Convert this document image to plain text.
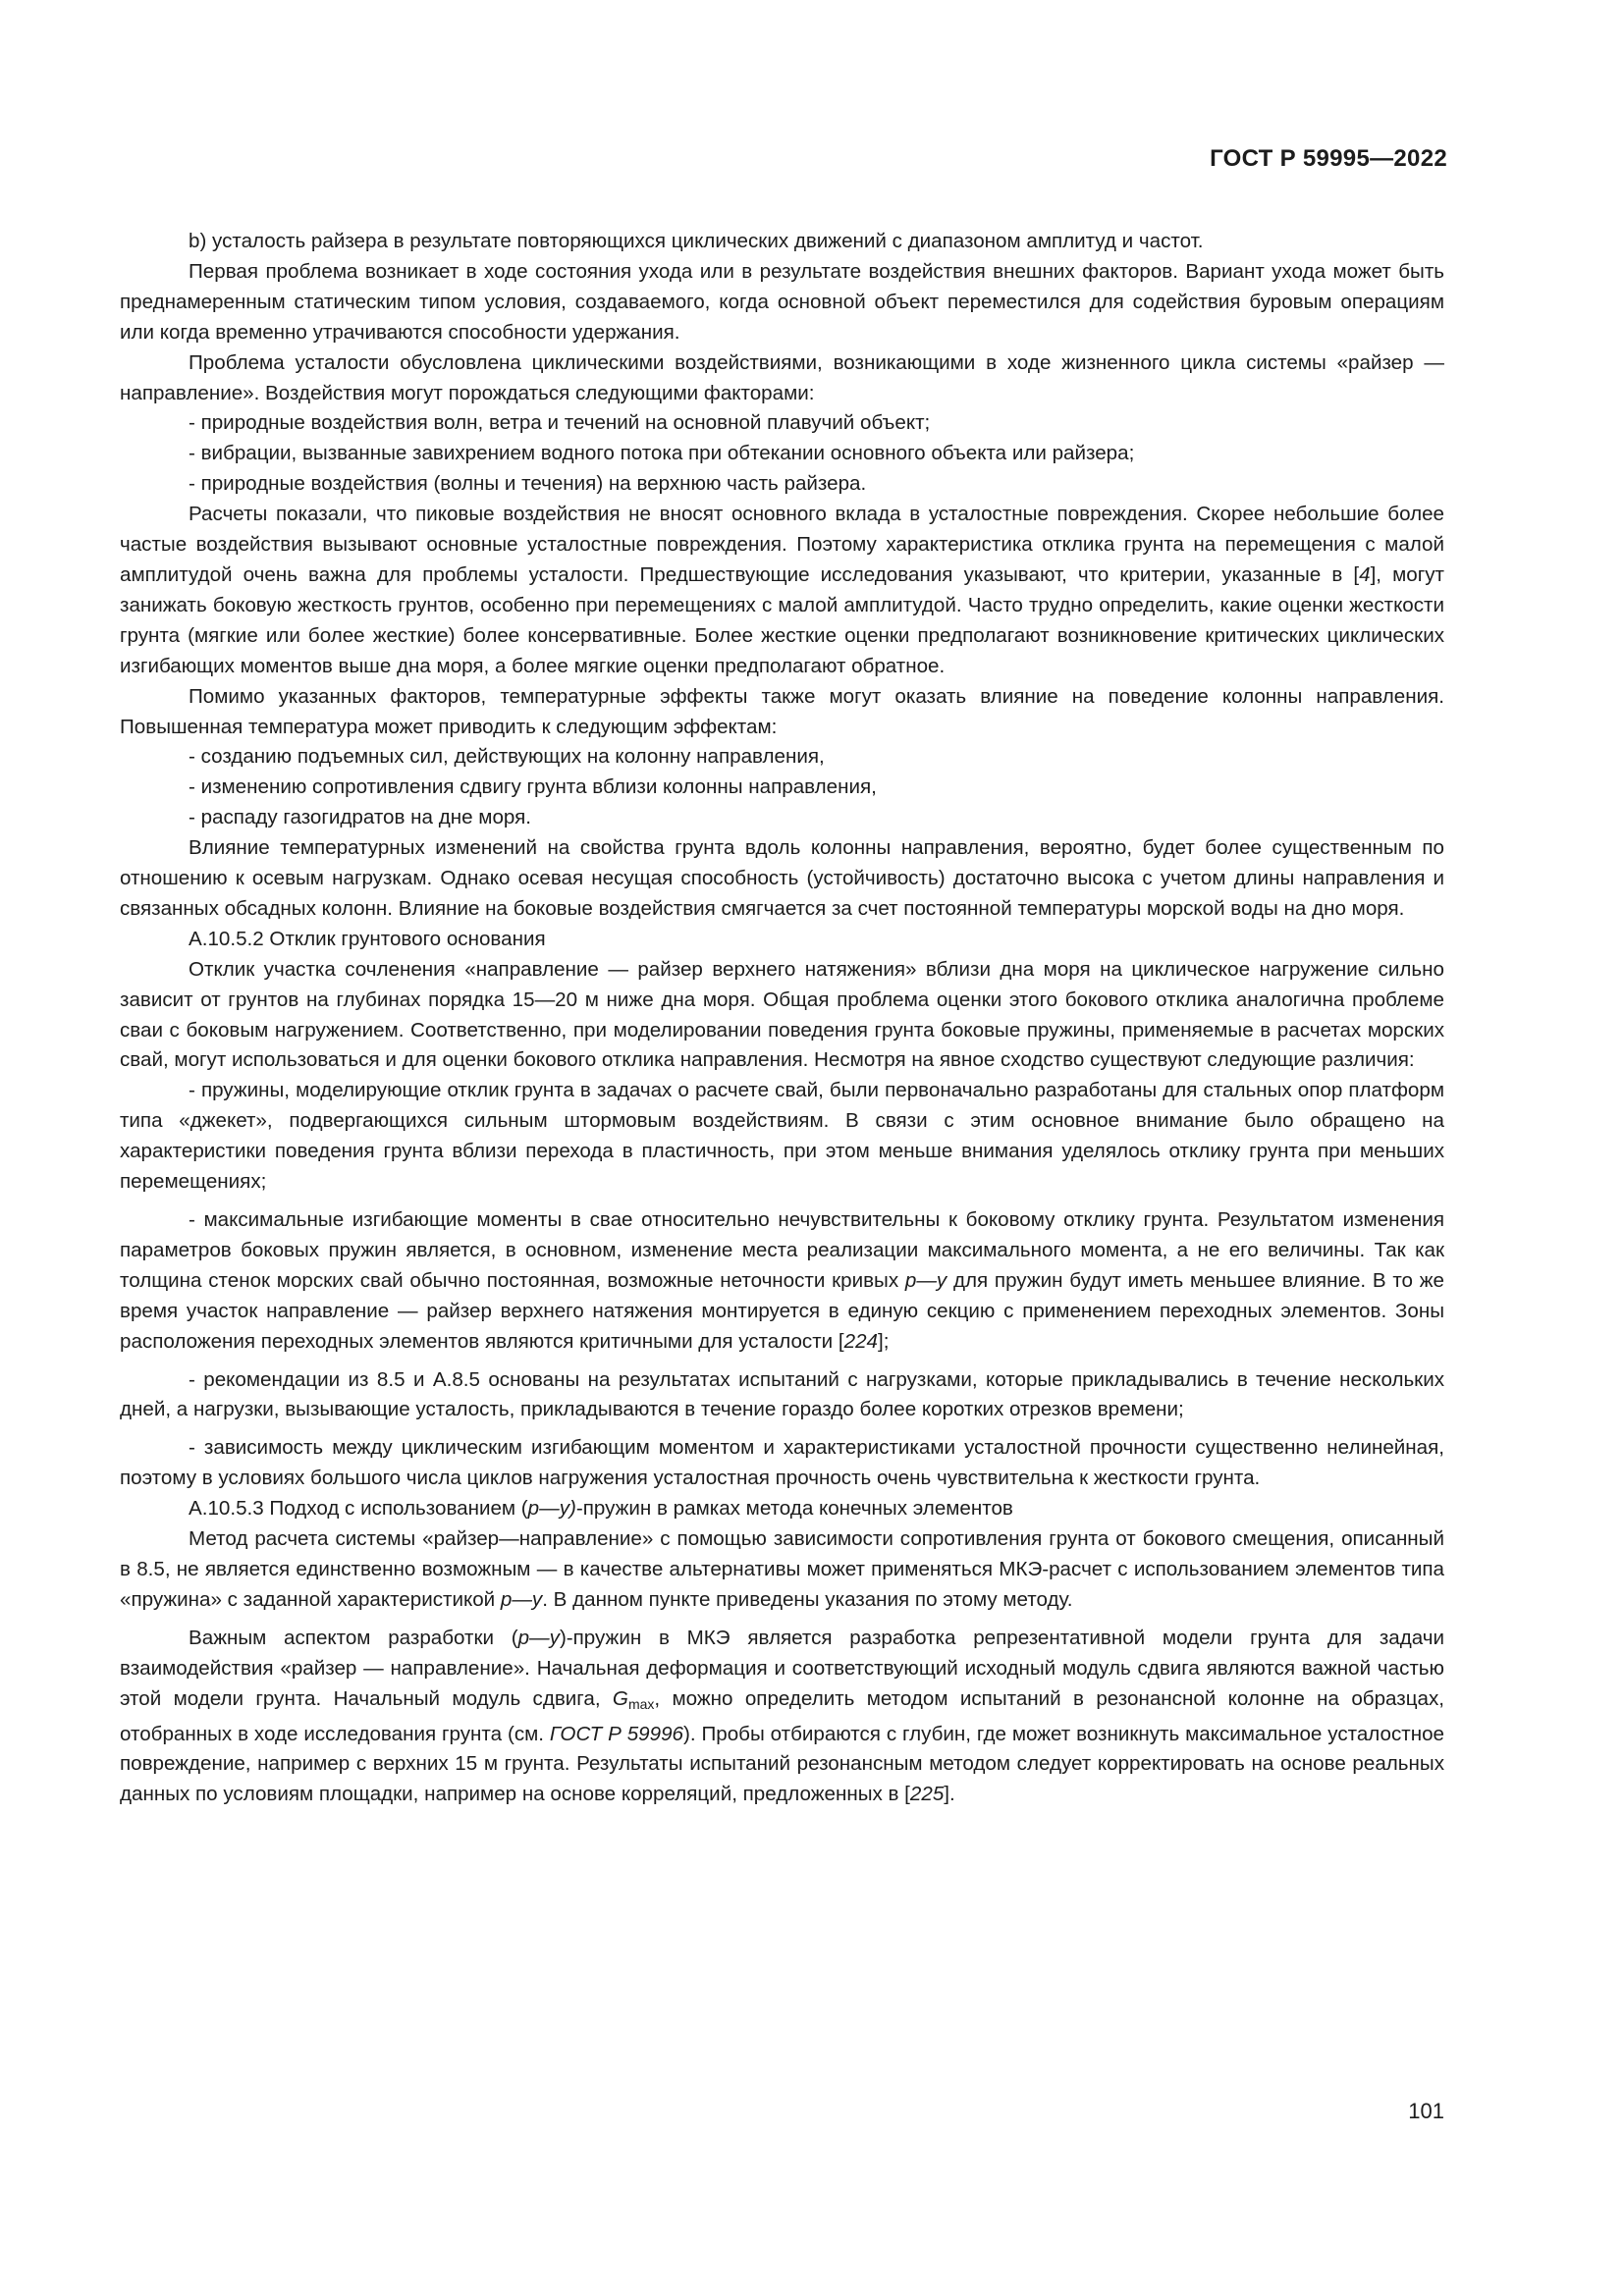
ГОСТ Р 59995—2022

b) усталость райзера в результате повторяющихся циклических движений с диапазоном амплитуд и частот.

Первая проблема возникает в ходе состояния ухода или в результате воздействия внешних факторов. Вариант ухода может быть преднамеренным статическим типом условия, создаваемого, когда основной объект переместился для содействия буровым операциям или когда временно утрачиваются способности удержания.

Проблема усталости обусловлена циклическими воздействиями, возникающими в ходе жизненного цикла системы «райзер — направление». Воздействия могут порождаться следующими факторами:

- природные воздействия волн, ветра и течений на основной плавучий объект;

- вибрации, вызванные завихрением водного потока при обтекании основного объекта или райзера;

- природные воздействия (волны и течения) на верхнюю часть райзера.

Расчеты показали, что пиковые воздействия не вносят основного вклада в усталостные повреждения. Скорее небольшие более частые воздействия вызывают основные усталостные повреждения. Поэтому характеристика отклика грунта на перемещения с малой амплитудой очень важна для проблемы усталости. Предшествующие исследования указывают, что критерии, указанные в [4], могут занижать боковую жесткость грунтов, особенно при перемещениях с малой амплитудой. Часто трудно определить, какие оценки жесткости грунта (мягкие или более жесткие) более консервативные. Более жесткие оценки предполагают возникновение критических циклических изгибающих моментов выше дна моря, а более мягкие оценки предполагают обратное.

Помимо указанных факторов, температурные эффекты также могут оказать влияние на поведение колонны направления. Повышенная температура может приводить к следующим эффектам:

- созданию подъемных сил, действующих на колонну направления,

- изменению сопротивления сдвигу грунта вблизи колонны направления,

- распаду газогидратов на дне моря.

Влияние температурных изменений на свойства грунта вдоль колонны направления, вероятно, будет более существенным по отношению к осевым нагрузкам. Однако осевая несущая способность (устойчивость) достаточно высока с учетом длины направления и связанных обсадных колонн. Влияние на боковые воздействия смягчается за счет постоянной температуры морской воды на дно моря.

А.10.5.2 Отклик грунтового основания

Отклик участка сочленения «направление — райзер верхнего натяжения» вблизи дна моря на циклическое нагружение сильно зависит от грунтов на глубинах порядка 15—20 м ниже дна моря. Общая проблема оценки этого бокового отклика аналогична проблеме сваи с боковым нагружением. Соответственно, при моделировании поведения грунта боковые пружины, применяемые в расчетах морских свай, могут использоваться и для оценки бокового отклика направления. Несмотря на явное сходство существуют следующие различия:

- пружины, моделирующие отклик грунта в задачах о расчете свай, были первоначально разработаны для стальных опор платформ типа «джекет», подвергающихся сильным штормовым воздействиям. В связи с этим основное внимание было обращено на характеристики поведения грунта вблизи перехода в пластичность, при этом меньше внимания уделялось отклику грунта при меньших перемещениях;

- максимальные изгибающие моменты в свае относительно нечувствительны к боковому отклику грунта. Результатом изменения параметров боковых пружин является, в основном, изменение места реализации максимального момента, а не его величины. Так как толщина стенок морских свай обычно постоянная, возможные неточности кривых p—y для пружин будут иметь меньшее влияние. В то же время участок направление — райзер верхнего натяжения монтируется в единую секцию с применением переходных элементов. Зоны расположения переходных элементов являются критичными для усталости [224];

- рекомендации из 8.5 и А.8.5 основаны на результатах испытаний с нагрузками, которые прикладывались в течение нескольких дней, а нагрузки, вызывающие усталость, прикладываются в течение гораздо более коротких отрезков времени;

- зависимость между циклическим изгибающим моментом и характеристиками усталостной прочности существенно нелинейная, поэтому в условиях большого числа циклов нагружения усталостная прочность очень чувствительна к жесткости грунта.

А.10.5.3 Подход с использованием (p—y)-пружин в рамках метода конечных элементов

Метод расчета системы «райзер—направление» с помощью зависимости сопротивления грунта от бокового смещения, описанный в 8.5, не является единственно возможным — в качестве альтернативы может применяться МКЭ-расчет с использованием элементов типа «пружина» с заданной характеристикой p—y. В данном пункте приведены указания по этому методу.

Важным аспектом разработки (p—y)-пружин в МКЭ является разработка репрезентативной модели грунта для задачи взаимодействия «райзер — направление». Начальная деформация и соответствующий исходный модуль сдвига являются важной частью этой модели грунта. Начальный модуль сдвига, Gmax, можно определить методом испытаний в резонансной колонне на образцах, отобранных в ходе исследования грунта (см. ГОСТ Р 59996). Пробы отбираются с глубин, где может возникнуть максимальное усталостное повреждение, например с верхних 15 м грунта. Результаты испытаний резонансным методом следует корректировать на основе реальных данных по условиям площадки, например на основе корреляций, предложенных в [225].

101
